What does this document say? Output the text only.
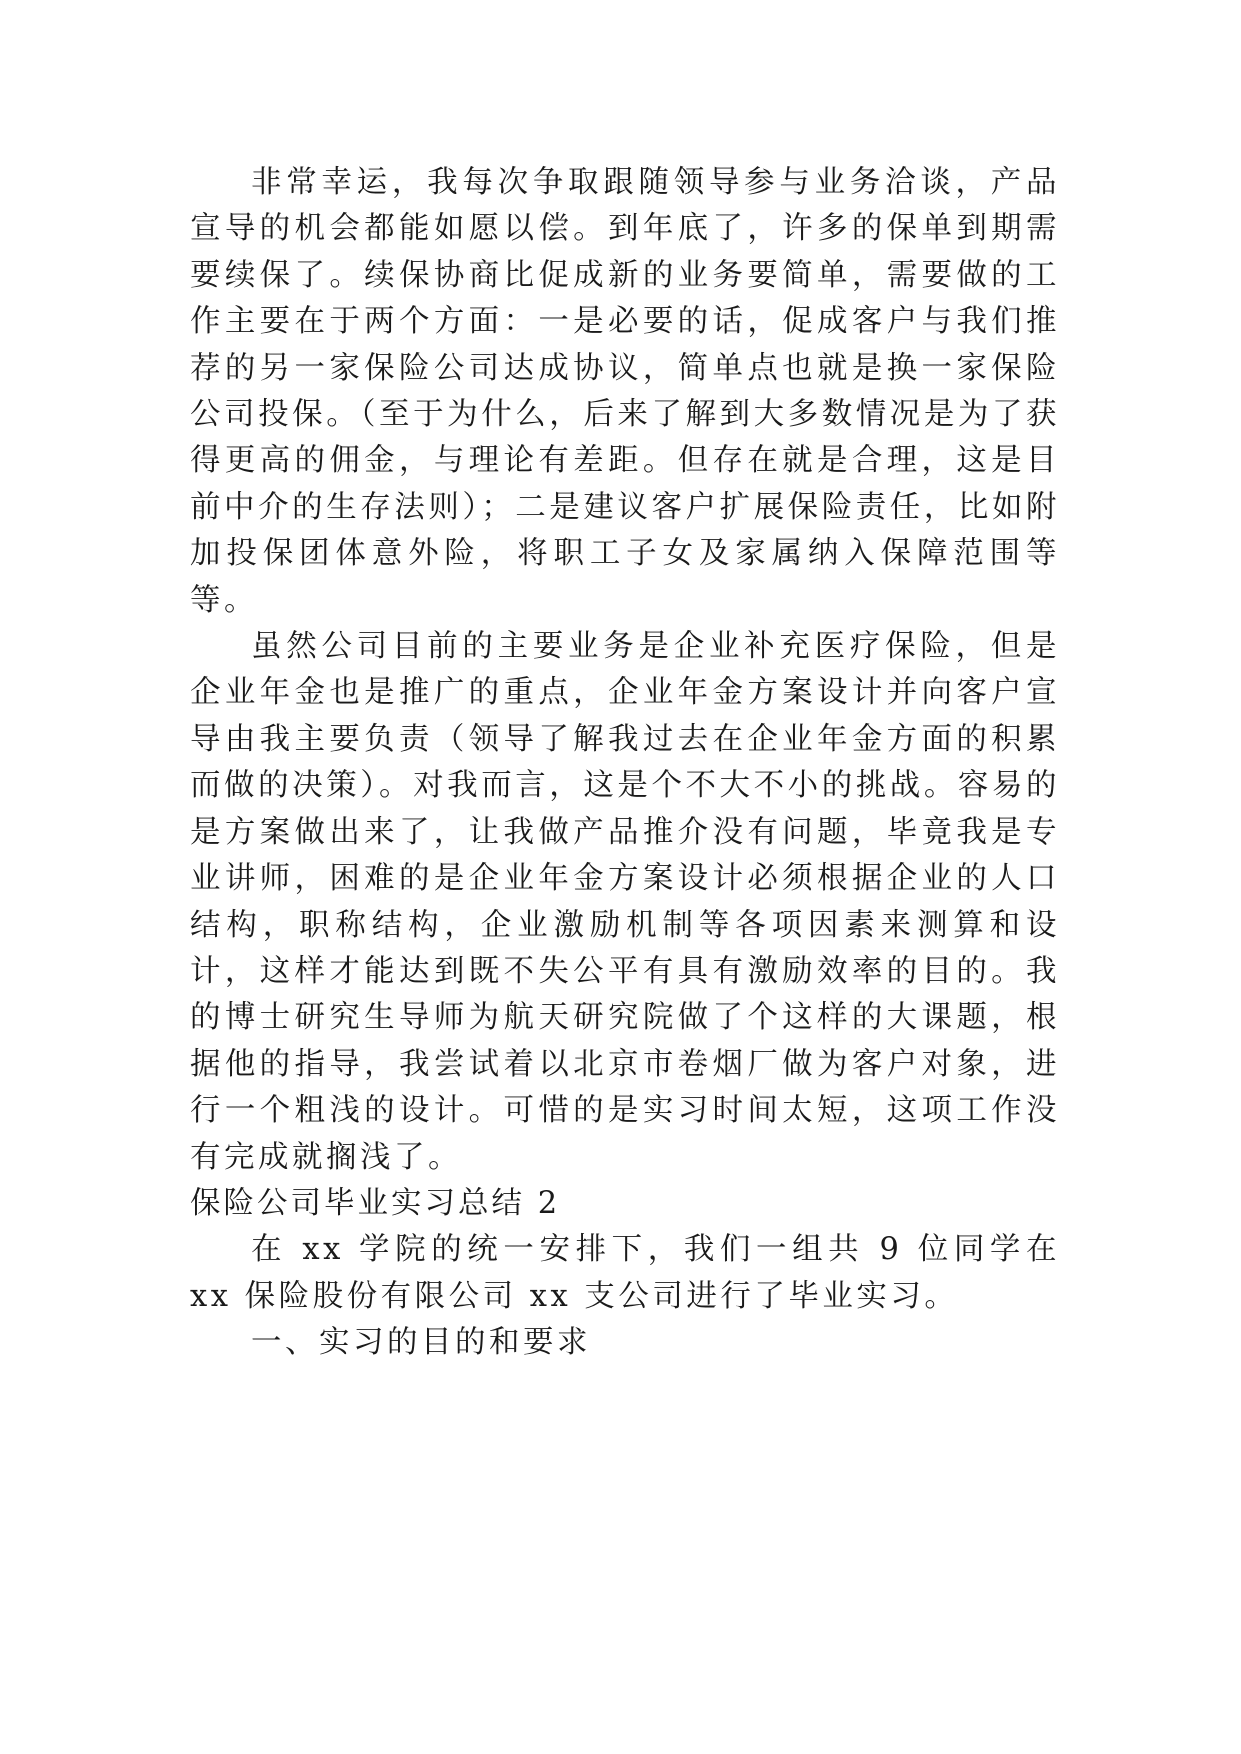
非常幸运，我每次争取跟随领导参与业务洽谈，产品宣导的机会都能如愿以偿。到年底了，许多的保单到期需要续保了。续保协商比促成新的业务要简单，需要做的工作主要在于两个方面：一是必要的话，促成客户与我们推荐的另一家保险公司达成协议，简单点也就是换一家保险公司投保。（至于为什么，后来了解到大多数情况是为了获得更高的佣金，与理论有差距。但存在就是合理，这是目前中介的生存法则）；二是建议客户扩展保险责任，比如附加投保团体意外险，将职工子女及家属纳入保障范围等等。

虽然公司目前的主要业务是企业补充医疗保险，但是企业年金也是推广的重点，企业年金方案设计并向客户宣导由我主要负责（领导了解我过去在企业年金方面的积累而做的决策）。对我而言，这是个不大不小的挑战。容易的是方案做出来了，让我做产品推介没有问题，毕竟我是专业讲师，困难的是企业年金方案设计必须根据企业的人口结构，职称结构，企业激励机制等各项因素来测算和设计，这样才能达到既不失公平有具有激励效率的目的。我的博士研究生导师为航天研究院做了个这样的大课题，根据他的指导，我尝试着以北京市卷烟厂做为客户对象，进行一个粗浅的设计。可惜的是实习时间太短，这项工作没有完成就搁浅了。

保险公司毕业实习总结 2

在 xx 学院的统一安排下，我们一组共 9 位同学在 xx 保险股份有限公司 xx 支公司进行了毕业实习。

一、实习的目的和要求
